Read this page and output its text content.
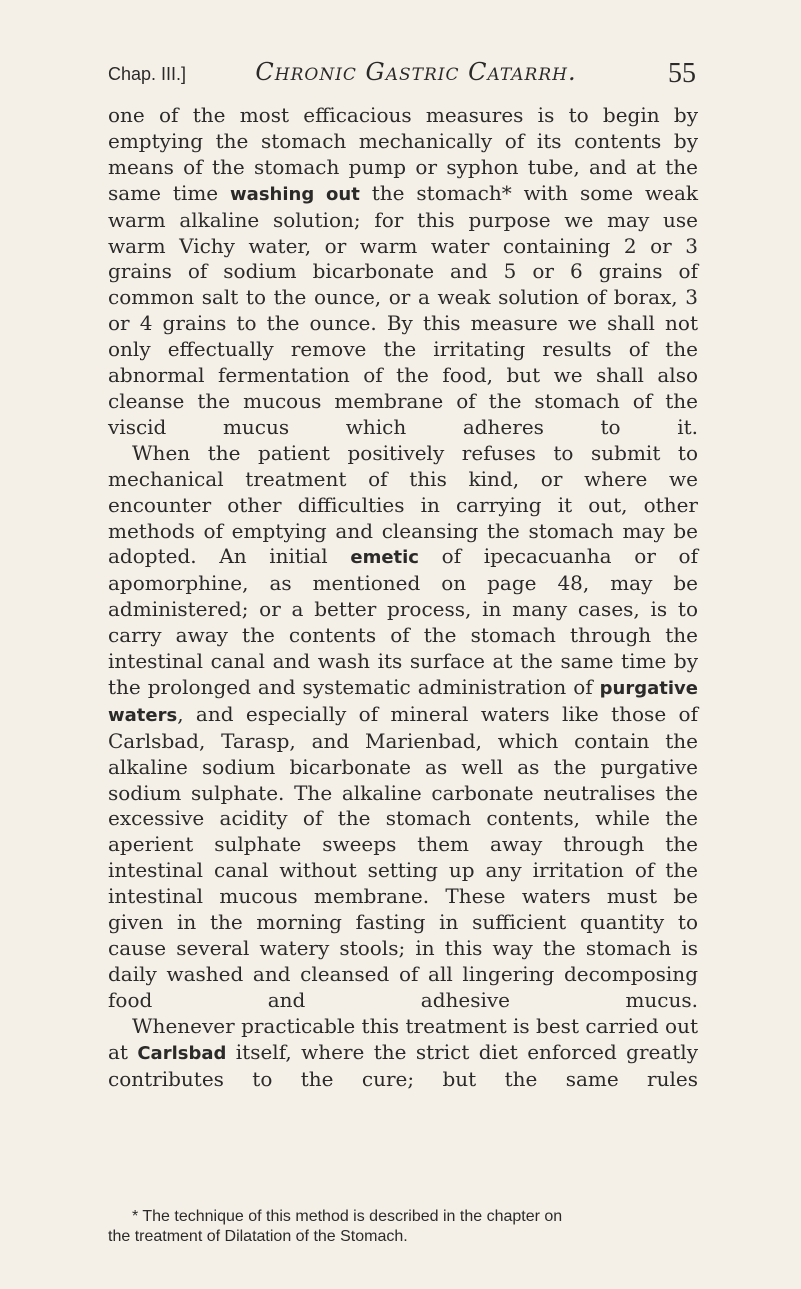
Chap. III.]	Chronic Gastric Catarrh.	55

one of the most efficacious measures is to begin by emptying the stomach mechanically of its contents by means of the stomach pump or syphon tube, and at the same time washing out the stomach* with some weak warm alkaline solution; for this purpose we may use warm Vichy water, or warm water containing 2 or 3 grains of sodium bicarbonate and 5 or 6 grains of common salt to the ounce, or a weak solution of borax, 3 or 4 grains to the ounce. By this measure we shall not only effectually remove the irritating results of the abnormal fermentation of the food, but we shall also cleanse the mucous membrane of the stomach of the viscid mucus which adheres to it.

When the patient positively refuses to submit to mechanical treatment of this kind, or where we encounter other difficulties in carrying it out, other methods of emptying and cleansing the stomach may be adopted. An initial emetic of ipecacuanha or of apomorphine, as mentioned on page 48, may be administered; or a better process, in many cases, is to carry away the contents of the stomach through the intestinal canal and wash its surface at the same time by the prolonged and systematic administration of purgative waters, and especially of mineral waters like those of Carlsbad, Tarasp, and Marienbad, which contain the alkaline sodium bicarbonate as well as the purgative sodium sulphate. The alkaline carbonate neutralises the excessive acidity of the stomach contents, while the aperient sulphate sweeps them away through the intestinal canal without setting up any irritation of the intestinal mucous membrane. These waters must be given in the morning fasting in sufficient quantity to cause several watery stools; in this way the stomach is daily washed and cleansed of all lingering decomposing food and adhesive mucus.

Whenever practicable this treatment is best carried out at Carlsbad itself, where the strict diet enforced greatly contributes to the cure; but the same rules

* The technique of this method is described in the chapter on
the treatment of Dilatation of the Stomach.
